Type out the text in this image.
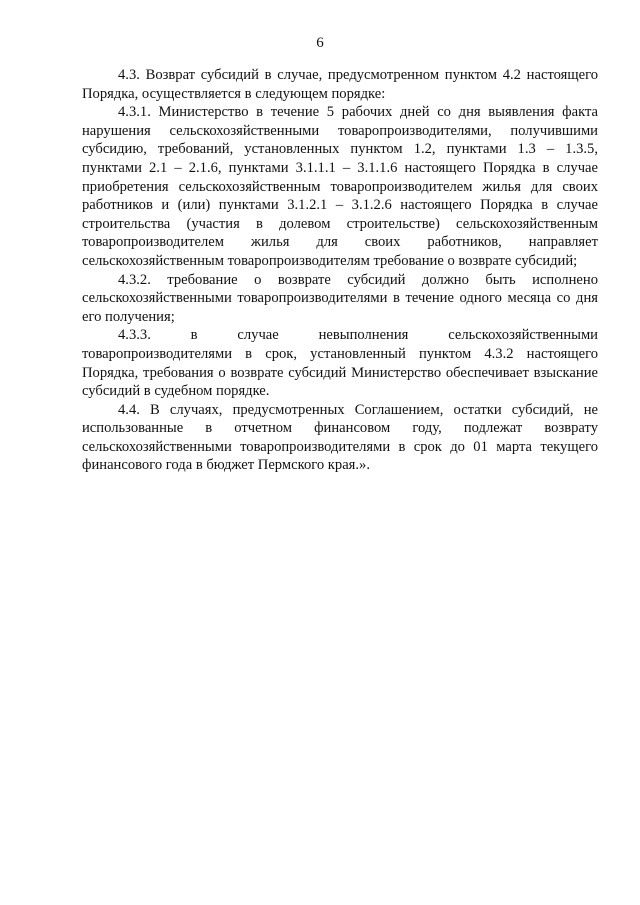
6

4.3. Возврат субсидий в случае, предусмотренном пунктом 4.2 настоящего Порядка, осуществляется в следующем порядке:

4.3.1. Министерство в течение 5 рабочих дней со дня выявления факта нарушения сельскохозяйственными товаропроизводителями, получившими субсидию, требований, установленных пунктом 1.2, пунктами 1.3 – 1.3.5, пунктами 2.1 – 2.1.6, пунктами 3.1.1.1 – 3.1.1.6 настоящего Порядка в случае приобретения сельскохозяйственным товаропроизводителем жилья для своих работников и (или) пунктами 3.1.2.1 – 3.1.2.6 настоящего Порядка в случае строительства (участия в долевом строительстве) сельскохозяйственным товаропроизводителем жилья для своих работников, направляет сельскохозяйственным товаропроизводителям требование о возврате субсидий;

4.3.2. требование о возврате субсидий должно быть исполнено сельскохозяйственными товаропроизводителями в течение одного месяца со дня его получения;

4.3.3. в случае невыполнения сельскохозяйственными товаропроизводителями в срок, установленный пунктом 4.3.2 настоящего Порядка, требования о возврате субсидий Министерство обеспечивает взыскание субсидий в судебном порядке.

4.4. В случаях, предусмотренных Соглашением, остатки субсидий, не использованные в отчетном финансовом году, подлежат возврату сельскохозяйственными товаропроизводителями в срок до 01 марта текущего финансового года в бюджет Пермского края.».
